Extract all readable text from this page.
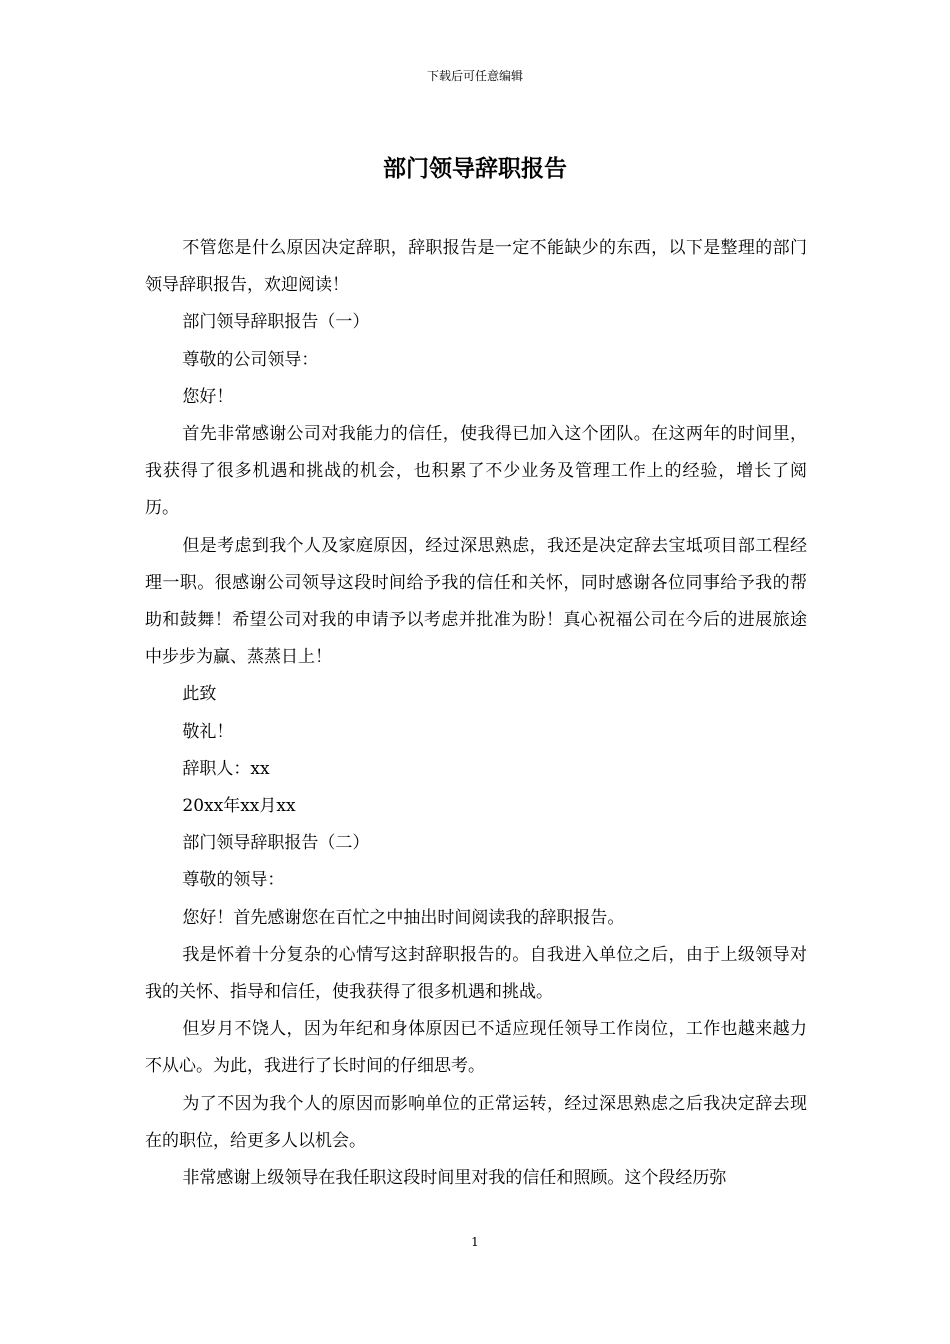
下载后可任意编辑
部门领导辞职报告

不管您是什么原因决定辞职，辞职报告是一定不能缺少的东西，以下是整理的部门领导辞职报告，欢迎阅读！

部门领导辞职报告（一）

尊敬的公司领导：

您好！

首先非常感谢公司对我能力的信任，使我得已加入这个团队。在这两年的时间里，我获得了很多机遇和挑战的机会，也积累了不少业务及管理工作上的经验，增长了阅历。

但是考虑到我个人及家庭原因，经过深思熟虑，我还是决定辞去宝坻项目部工程经理一职。很感谢公司领导这段时间给予我的信任和关怀，同时感谢各位同事给予我的帮助和鼓舞！希望公司对我的申请予以考虑并批准为盼！真心祝福公司在今后的进展旅途中步步为赢、蒸蒸日上！

此致

敬礼！

辞职人：xx

20xx年xx月xx

部门领导辞职报告（二）

尊敬的领导：

您好！首先感谢您在百忙之中抽出时间阅读我的辞职报告。

我是怀着十分复杂的心情写这封辞职报告的。自我进入单位之后，由于上级领导对我的关怀、指导和信任，使我获得了很多机遇和挑战。

但岁月不饶人，因为年纪和身体原因已不适应现任领导工作岗位，工作也越来越力不从心。为此，我进行了长时间的仔细思考。

为了不因为我个人的原因而影响单位的正常运转，经过深思熟虑之后我决定辞去现在的职位，给更多人以机会。

非常感谢上级领导在我任职这段时间里对我的信任和照顾。这个段经历弥

1
